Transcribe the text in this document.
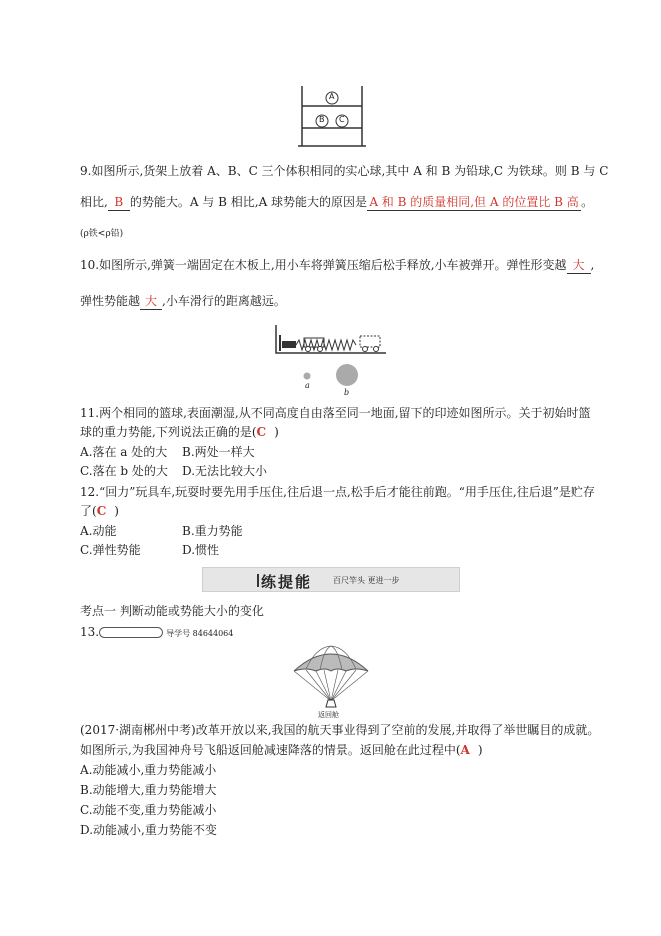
A
B C
9.如图所示,货架上放着 A、B、C 三个体积相同的实心球,其中 A 和 B 为铅球,C 为铁球。则 B 与 C
相比, B 的势能大。A 与 B 相比,A 球势能大的原因是 A 和 B 的质量相同,但 A 的位置比 B 高 。
(ρ铁<ρ铅)
10.如图所示,弹簧一端固定在木板上,用小车将弹簧压缩后松手释放,小车被弹开。弹性形变越 大 ,
弹性势能越 大 ,小车滑行的距离越远。
a
b
11.两个相同的篮球,表面潮湿,从不同高度自由落至同一地面,留下的印迹如图所示。关于初始时篮
球的重力势能,下列说法正确的是(C )
A.落在 a 处的大 B.两处一样大
C.落在 b 处的大 D.无法比较大小
12.“回力”玩具车,玩耍时要先用手压住,往后退一点,松手后才能往前跑。“用手压住,往后退”是贮存
了(C )
A.动能	B.重力势能
C.弹性势能	D.惯性
练提能	百尺竿头 更进一步
考点一 判断动能或势能大小的变化
13.	导学号 84644064
返回舱
(2017·湖南郴州中考)改革开放以来,我国的航天事业得到了空前的发展,并取得了举世瞩目的成就。
如图所示,为我国神舟号飞船返回舱减速降落的情景。返回舱在此过程中(A )
A.动能减小,重力势能减小
B.动能增大,重力势能增大
C.动能不变,重力势能减小
D.动能减小,重力势能不变
